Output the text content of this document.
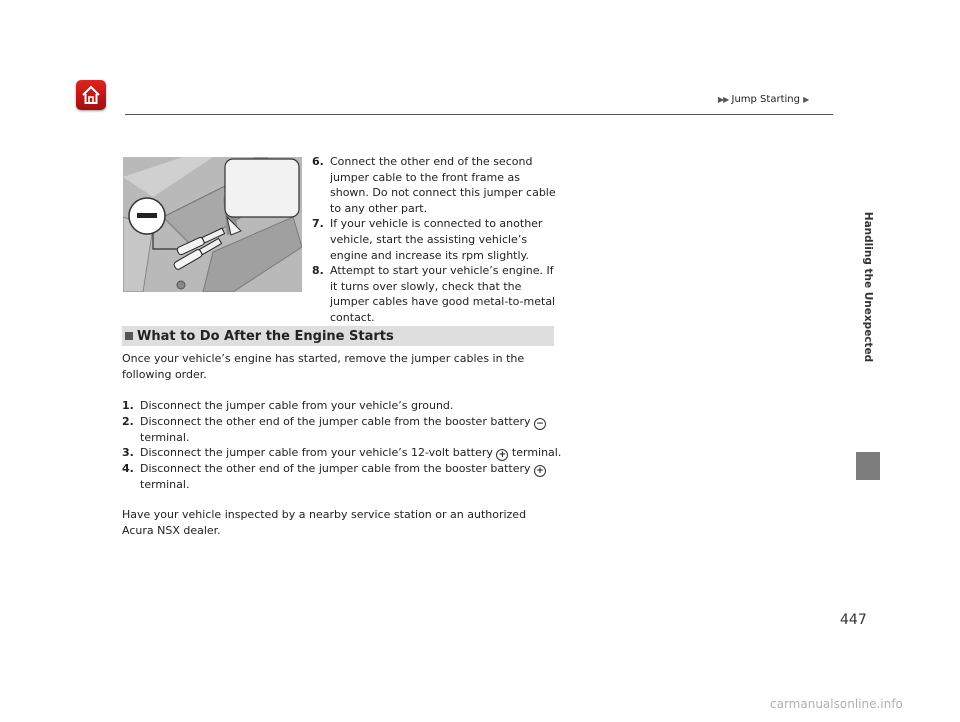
▶▶ Jump Starting ▶
Handling the Unexpected
6. Connect the other end of the second jumper cable to the front frame as shown. Do not connect this jumper cable to any other part.
7. If your vehicle is connected to another vehicle, start the assisting vehicle’s engine and increase its rpm slightly.
8. Attempt to start your vehicle’s engine. If it turns over slowly, check that the jumper cables have good metal-to-metal contact.
What to Do After the Engine Starts

Once your vehicle’s engine has started, remove the jumper cables in the following order.

1. Disconnect the jumper cable from your vehicle’s ground.
2. Disconnect the other end of the jumper cable from the booster battery − terminal.
3. Disconnect the jumper cable from your vehicle’s 12-volt battery + terminal.
4. Disconnect the other end of the jumper cable from the booster battery + terminal.

Have your vehicle inspected by a nearby service station or an authorized Acura NSX dealer.

447
carmanualsonline.info
